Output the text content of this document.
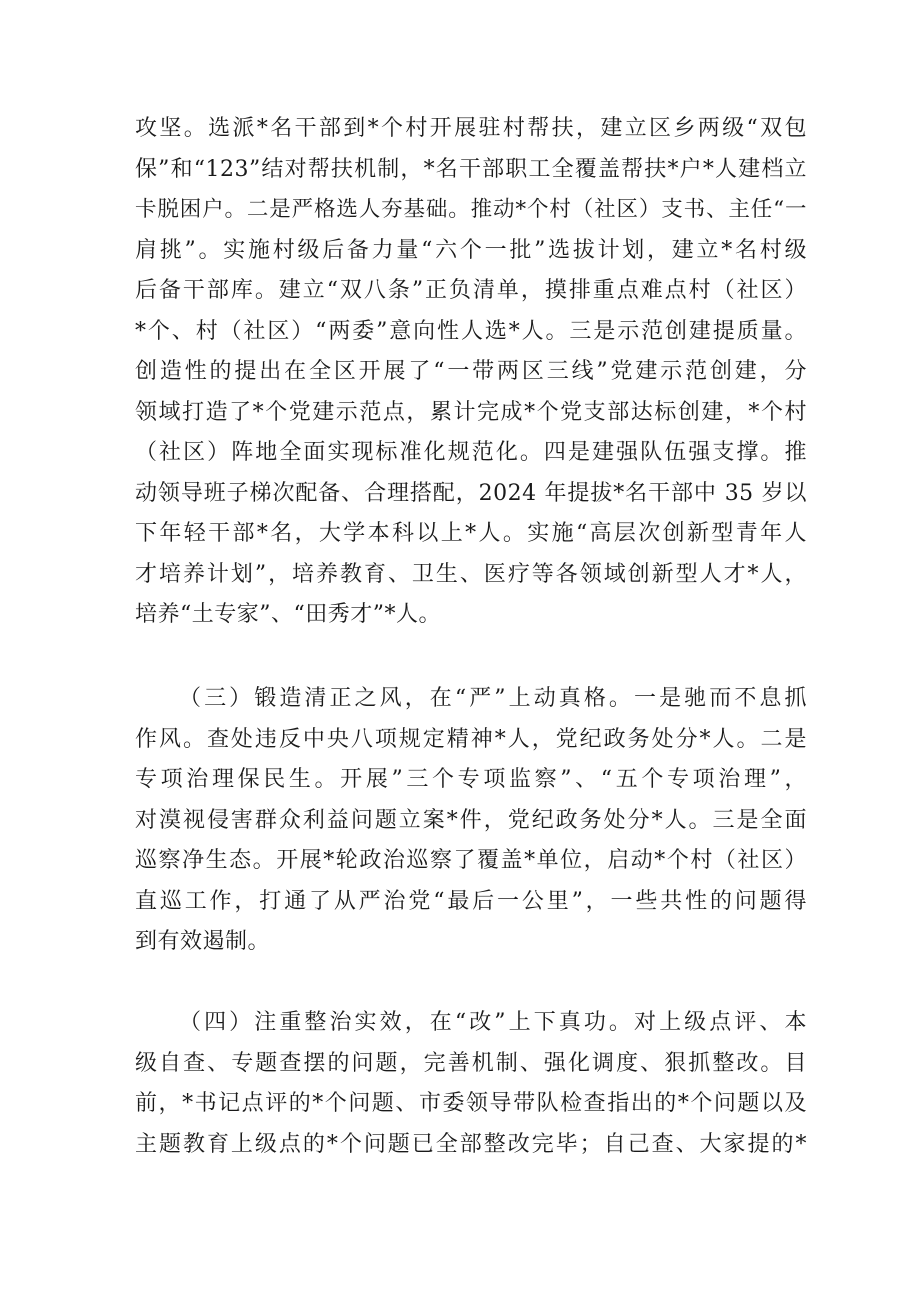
攻坚。选派*名干部到*个村开展驻村帮扶，建立区乡两级“双包
保”和“123”结对帮扶机制，*名干部职工全覆盖帮扶*户*人建档立
卡脱困户。二是严格选人夯基础。推动*个村（社区）支书、主任“一
肩挑”。实施村级后备力量“六个一批”选拔计划，建立*名村级
后备干部库。建立“双八条”正负清单，摸排重点难点村（社区）
*个、村（社区）“两委”意向性人选*人。三是示范创建提质量。
创造性的提出在全区开展了“一带两区三线”党建示范创建，分
领域打造了*个党建示范点，累计完成*个党支部达标创建，*个村
（社区）阵地全面实现标准化规范化。四是建强队伍强支撑。推
动领导班子梯次配备、合理搭配，2024 年提拔*名干部中 35 岁以
下年轻干部*名，大学本科以上*人。实施“高层次创新型青年人
才培养计划”，培养教育、卫生、医疗等各领域创新型人才*人，
培养“土专家”、“田秀才”*人。
（三）锻造清正之风，在“严”上动真格。一是驰而不息抓
作风。查处违反中央八项规定精神*人，党纪政务处分*人。二是
专项治理保民生。开展”三个专项监察”、“五个专项治理”，
对漠视侵害群众利益问题立案*件，党纪政务处分*人。三是全面
巡察净生态。开展*轮政治巡察了覆盖*单位，启动*个村（社区）
直巡工作，打通了从严治党“最后一公里”，一些共性的问题得
到有效遏制。
（四）注重整治实效，在“改”上下真功。对上级点评、本
级自查、专题查摆的问题，完善机制、强化调度、狠抓整改。目
前，*书记点评的*个问题、市委领导带队检查指出的*个问题以及
主题教育上级点的*个问题已全部整改完毕；自己查、大家提的*
